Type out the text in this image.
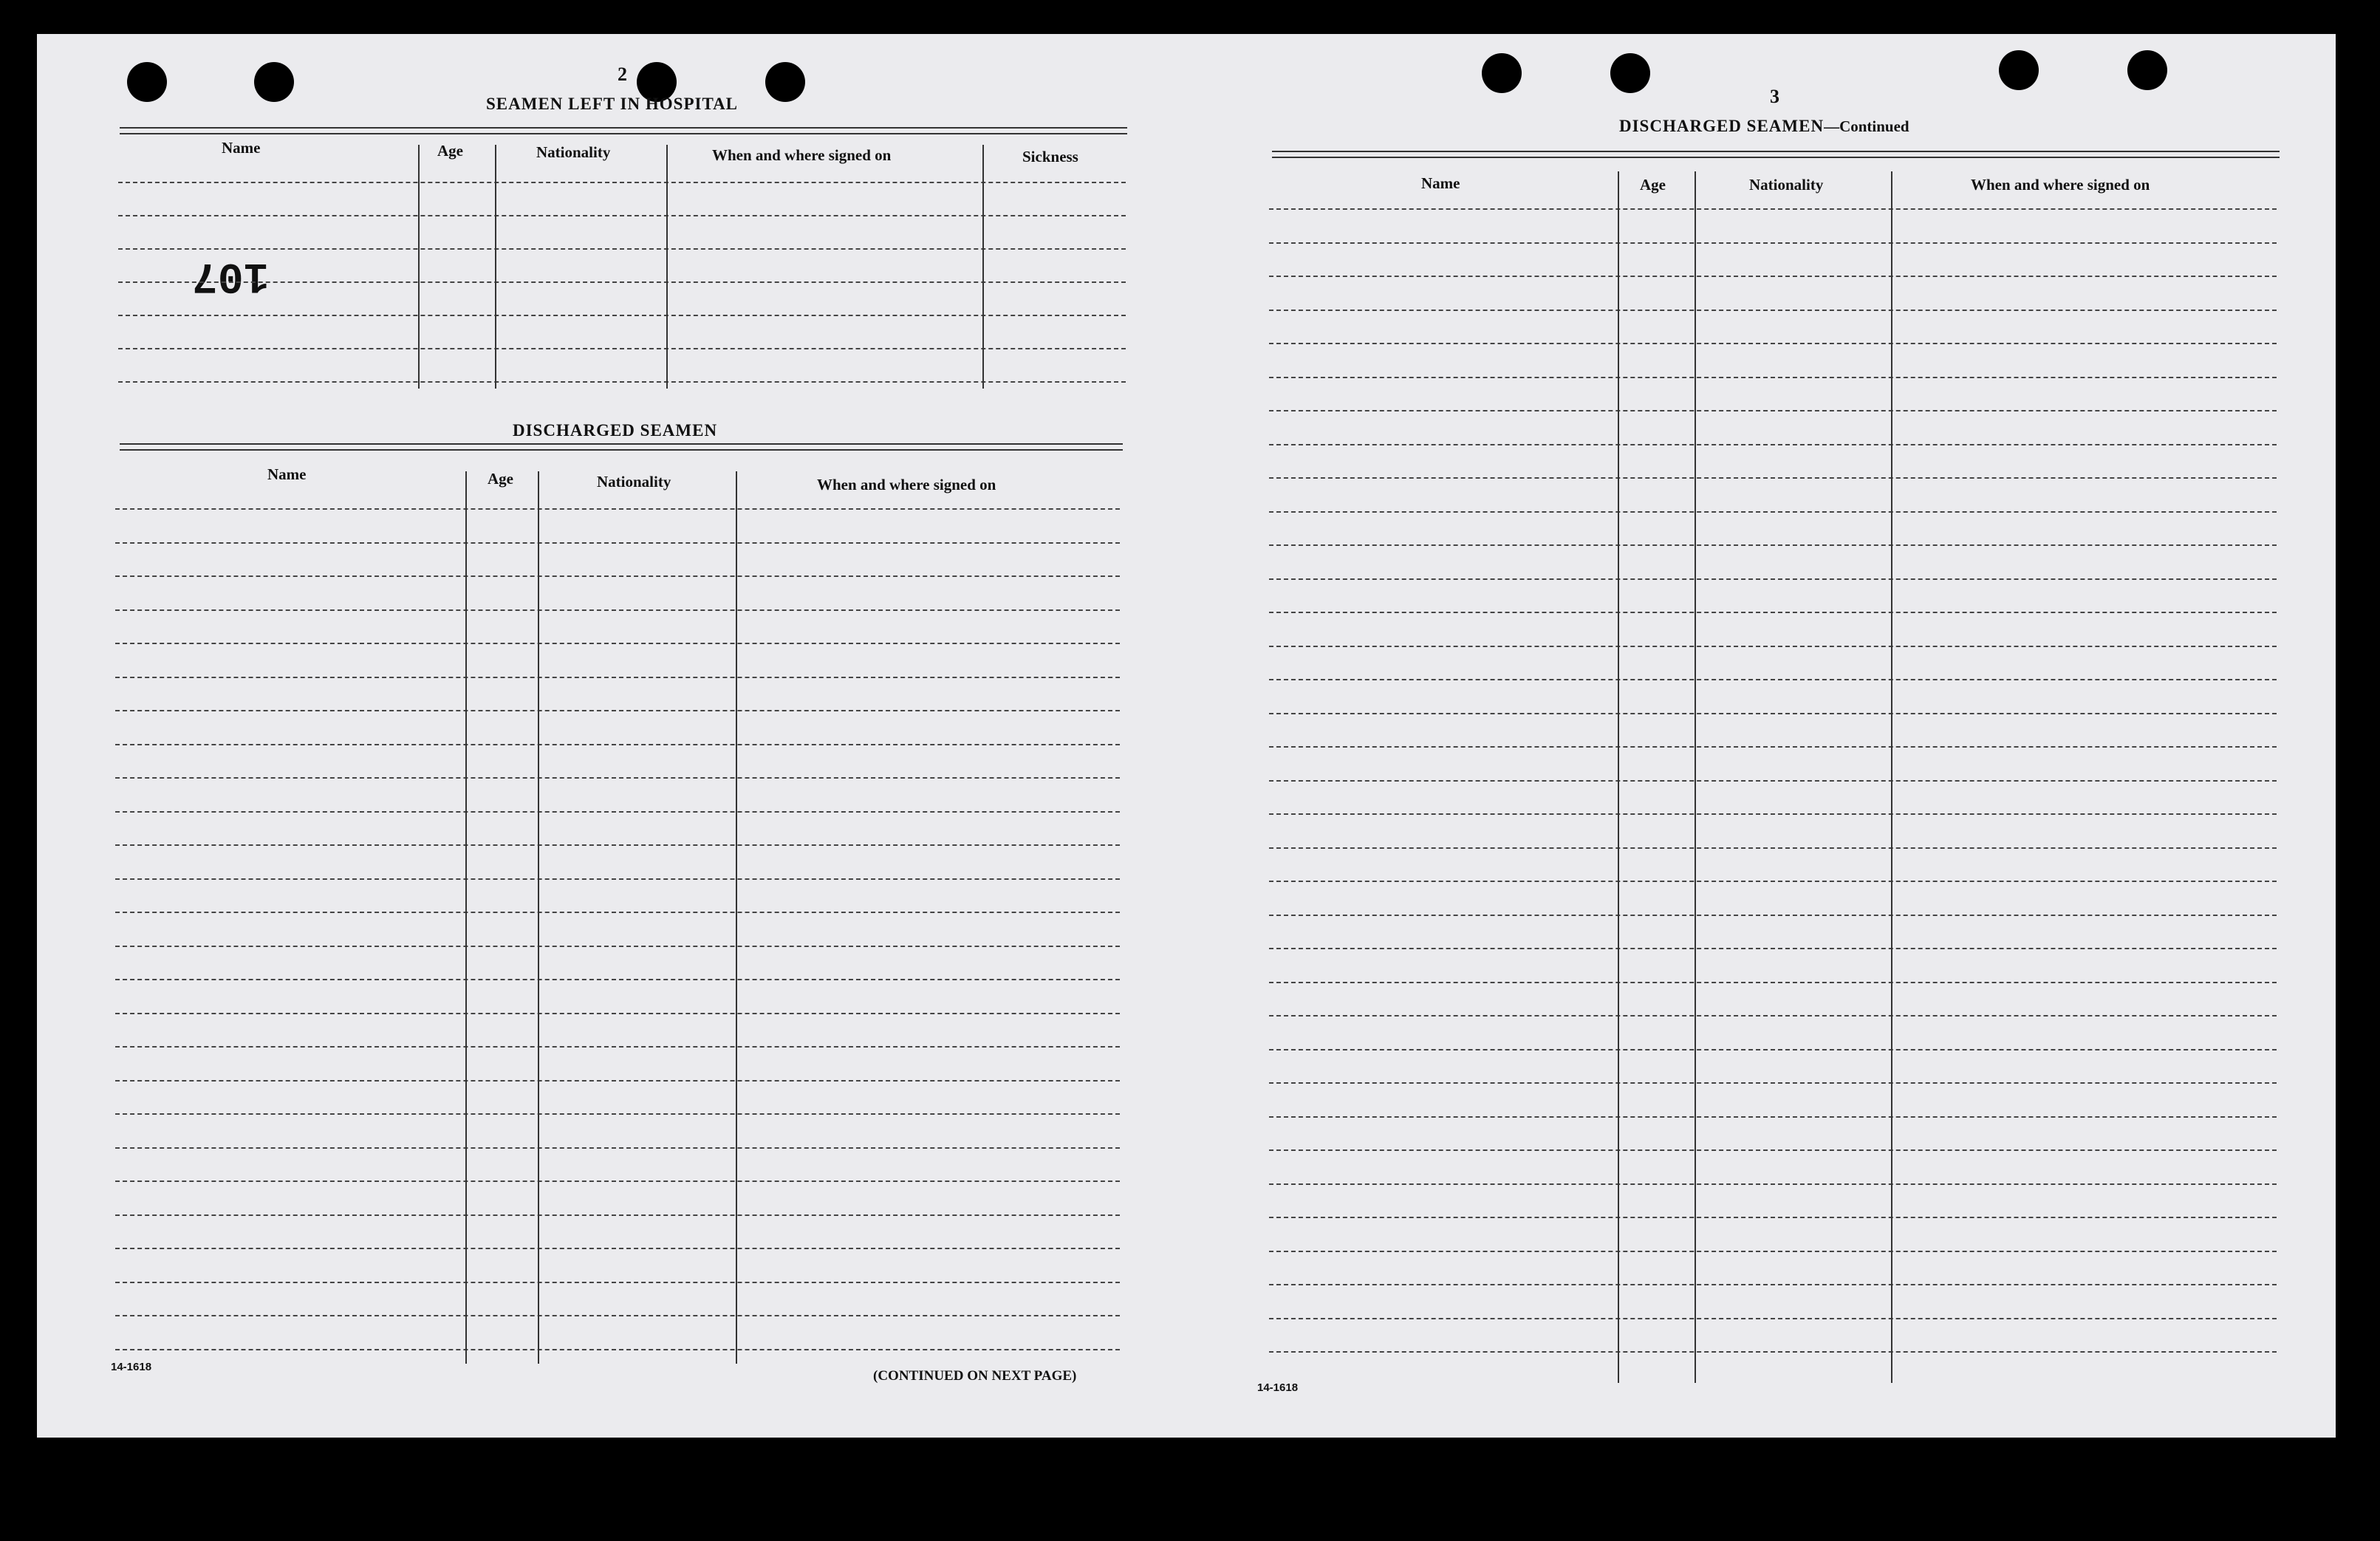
2
SEAMEN LEFT IN HOSPITAL
Name	Age	Nationality	When and where signed on	Sickness
107
DISCHARGED SEAMEN
Name	Age	Nationality	When and where signed on
14-1618
(CONTINUED ON NEXT PAGE)
3
DISCHARGED SEAMEN—Continued
Name	Age	Nationality	When and where signed on
14-1618
